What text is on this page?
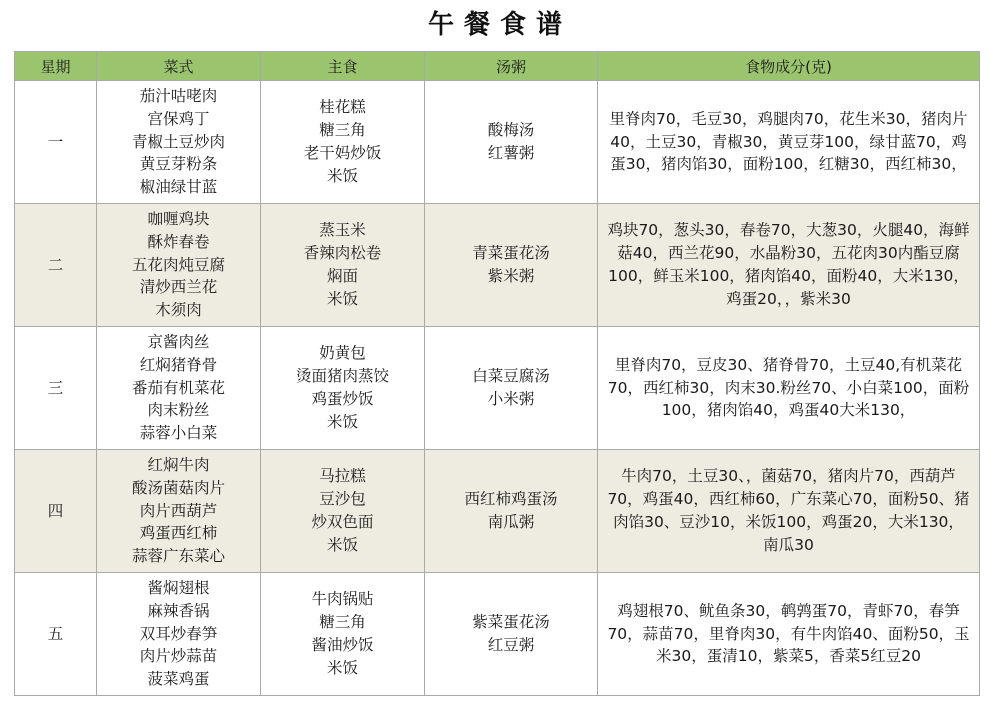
午餐食谱
星期	菜式	主食	汤粥	食物成分(克)
一	茄汁咕咾肉
宫保鸡丁
青椒土豆炒肉
黄豆芽粉条
椒油绿甘蓝	桂花糕
糖三角
老干妈炒饭
米饭	酸梅汤
红薯粥	里脊肉70，毛豆30，鸡腿肉70，花生米30，猪肉片40，土豆30，青椒30，黄豆芽100，绿甘蓝70，鸡蛋30，猪肉馅30，面粉100，红糖30，西红柿30，

二	咖喱鸡块
酥炸春卷
五花肉炖豆腐
清炒西兰花
木须肉	蒸玉米
香辣肉松卷
焖面
米饭	青菜蛋花汤
紫米粥	鸡块70，葱头30，春卷70，大葱30，火腿40，海鲜菇40，西兰花90，水晶粉30，五花肉30内酯豆腐100，鲜玉米100，猪肉馅40，面粉40，大米130，鸡蛋20，，紫米30

三	京酱肉丝
红焖猪脊骨
番茄有机菜花
肉末粉丝
蒜蓉小白菜	奶黄包
烫面猪肉蒸饺
鸡蛋炒饭
米饭	白菜豆腐汤
小米粥	里脊肉70，豆皮30、猪脊骨70，土豆40,有机菜花70，西红柿30，肉末30.粉丝70、小白菜100，面粉100，猪肉馅40，鸡蛋40大米130，

四	红焖牛肉
酸汤菌菇肉片
肉片西葫芦
鸡蛋西红柿
蒜蓉广东菜心	马拉糕
豆沙包
炒双色面
米饭	西红柿鸡蛋汤
南瓜粥	牛肉70，土豆30、，菌菇70，猪肉片70，西葫芦70，鸡蛋40，西红柿60，广东菜心70，面粉50、猪肉馅30、豆沙10，米饭100，鸡蛋20，大米130，南瓜30

五	酱焖翅根
麻辣香锅
双耳炒春笋
肉片炒蒜苗
菠菜鸡蛋	牛肉锅贴
糖三角
酱油炒饭
米饭	紫菜蛋花汤
红豆粥	鸡翅根70、鱿鱼条30，鹌鹑蛋70，青虾70，春笋70，蒜苗70，里脊肉30，有牛肉馅40、面粉50，玉米30，蛋清10，紫菜5，香菜5红豆20
